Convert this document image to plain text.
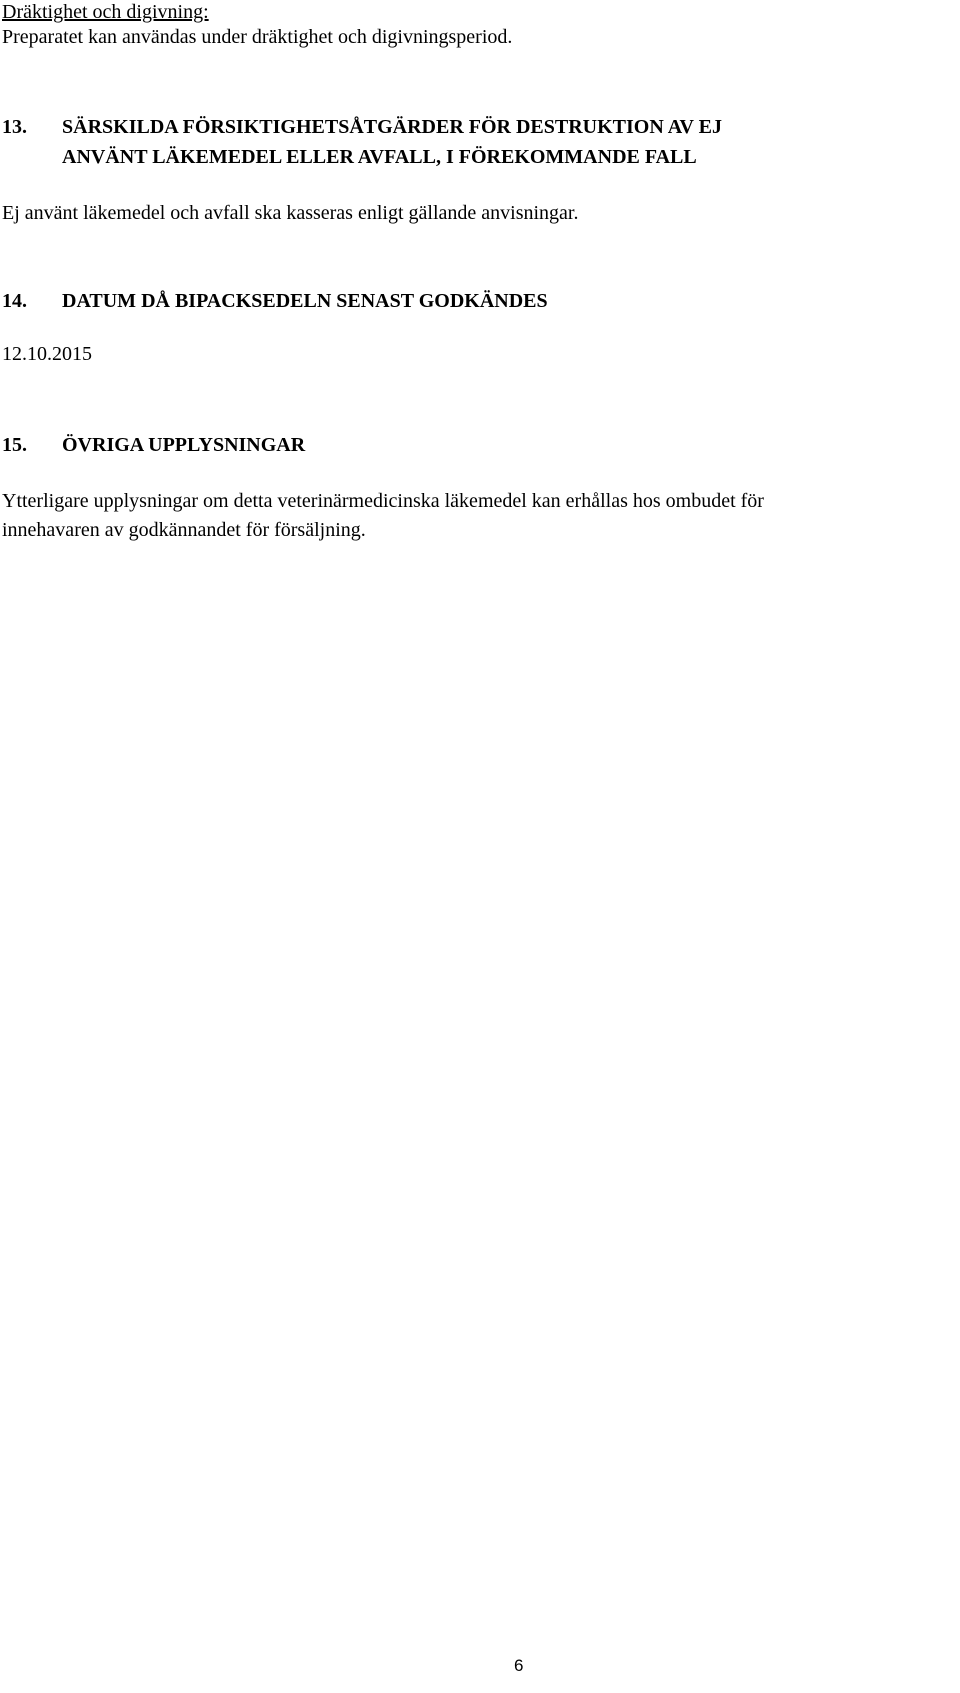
Dräktighet och digivning:
Preparatet kan användas under dräktighet och digivningsperiod.
13. SÄRSKILDA FÖRSIKTIGHETSÅTGÄRDER FÖR DESTRUKTION AV EJ
ANVÄNT LÄKEMEDEL ELLER AVFALL, I FÖREKOMMANDE FALL
Ej använt läkemedel och avfall ska kasseras enligt gällande anvisningar.
14. DATUM DÅ BIPACKSEDELN SENAST GODKÄNDES
12.10.2015
15. ÖVRIGA UPPLYSNINGAR
Ytterligare upplysningar om detta veterinärmedicinska läkemedel kan erhållas hos ombudet för
innehavaren av godkännandet för försäljning.
6
